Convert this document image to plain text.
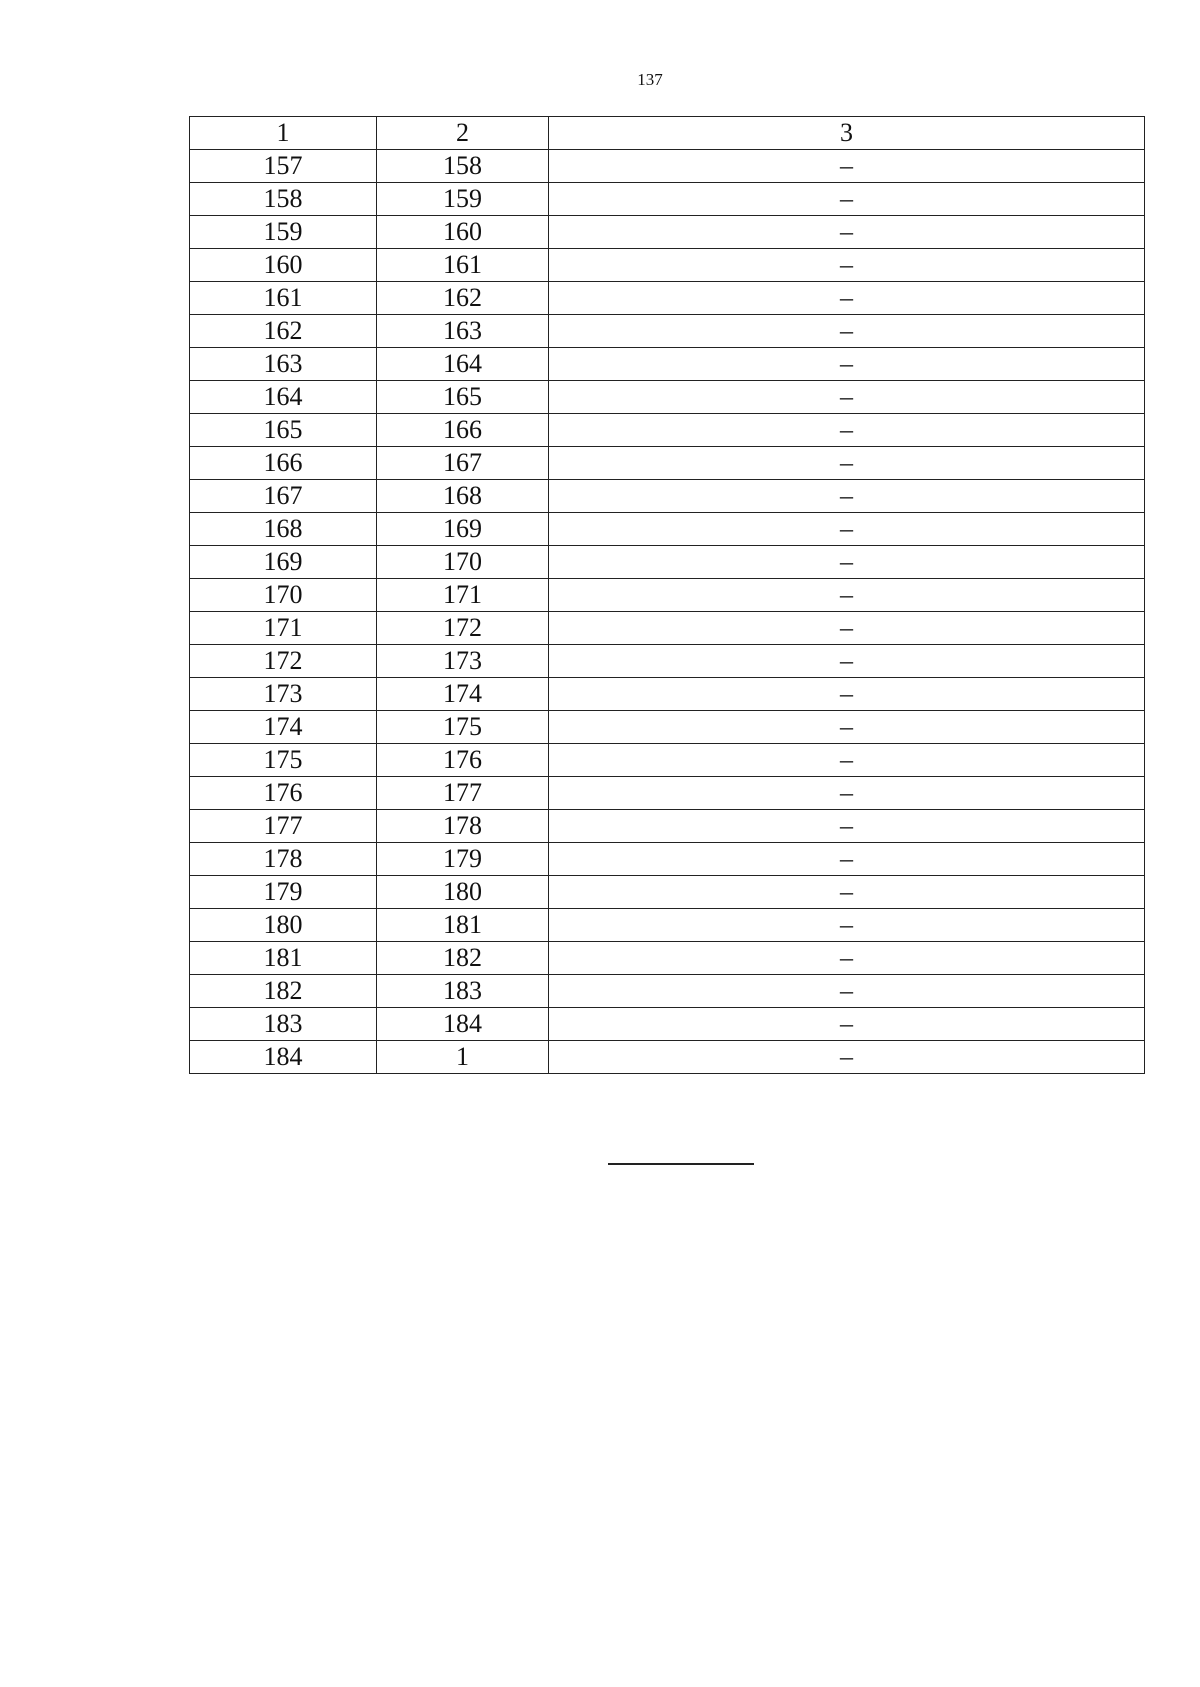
137
1	2	3
157	158	–
158	159	–
159	160	–
160	161	–
161	162	–
162	163	–
163	164	–
164	165	–
165	166	–
166	167	–
167	168	–
168	169	–
169	170	–
170	171	–
171	172	–
172	173	–
173	174	–
174	175	–
175	176	–
176	177	–
177	178	–
178	179	–
179	180	–
180	181	–
181	182	–
182	183	–
183	184	–
184	1	–
